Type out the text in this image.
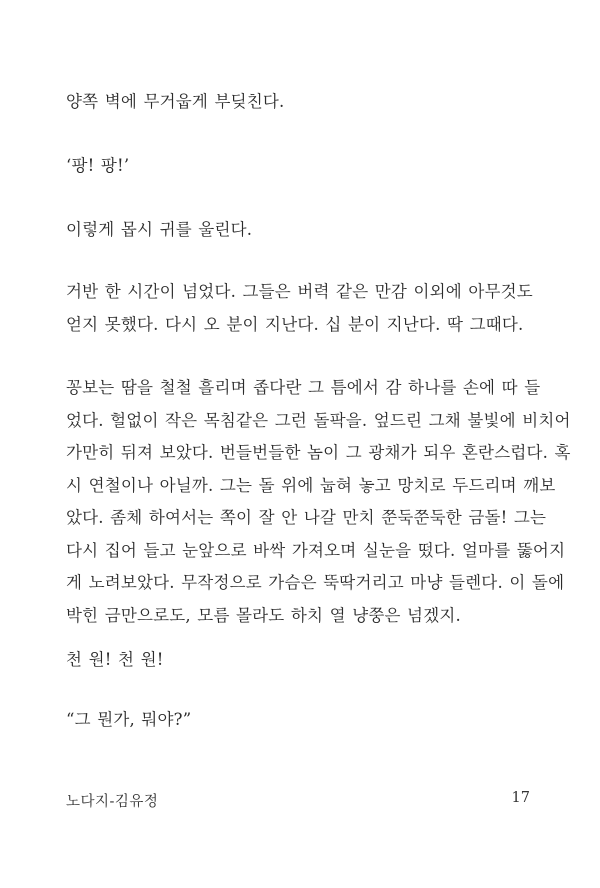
양쪽 벽에 무거웁게 부딪친다.

‘팡! 팡!’

이렇게 몹시 귀를 울린다.

거반 한 시간이 넘었다. 그들은 버력 같은 만감 이외에 아무것도
얻지 못했다. 다시 오 분이 지난다. 십 분이 지난다. 딱 그때다.

꽁보는 땀을 철철 흘리며 좁다란 그 틈에서 감 하나를 손에 따 들
었다. 헐없이 작은 목침같은 그런 돌팍을. 엎드린 그채 불빛에 비치어
가만히 뒤져 보았다. 번들번들한 놈이 그 광채가 되우 혼란스럽다. 혹
시 연철이나 아닐까. 그는 돌 위에 눕혀 놓고 망치로 두드리며 깨보
았다. 좀체 하여서는 쪽이 잘 안 나갈 만치 쭌둑쭌둑한 금돌! 그는
다시 집어 들고 눈앞으로 바싹 가져오며 실눈을 떴다. 얼마를 뚫어지
게 노려보았다. 무작정으로 가슴은 뚝딱거리고 마냥 들렌다. 이 돌에
박힌 금만으로도, 모름 몰라도 하치 열 냥쭝은 넘겠지.

천 원! 천 원!

“그 뭔가, 뭐야?”

노다지-김유정	17
